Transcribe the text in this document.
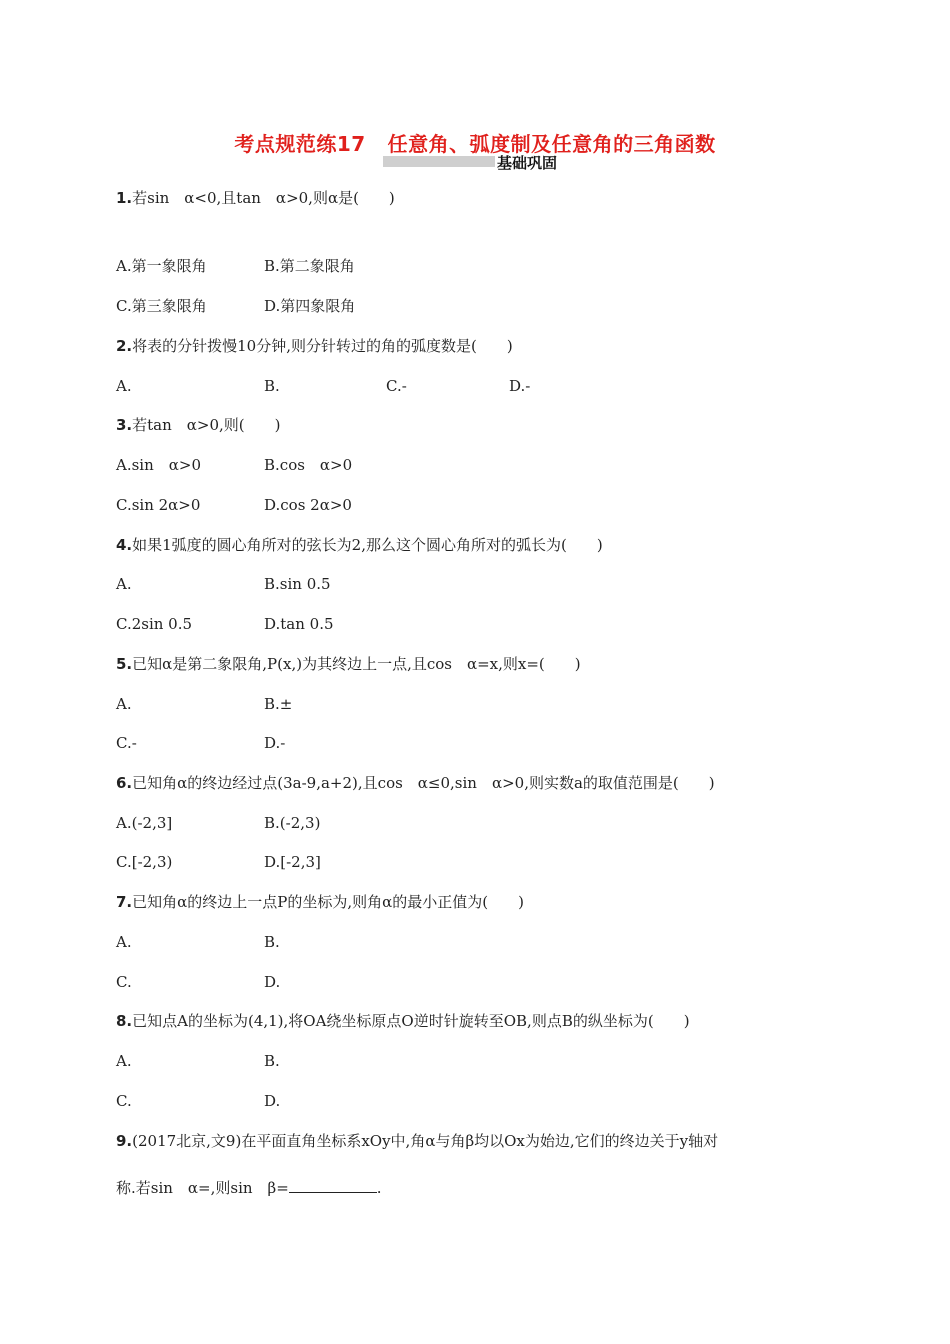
考点规范练17 任意角、弧度制及任意角的三角函数
基础巩固
1.若sin　α<0,且tan　α>0,则α是(　　)
A.第一象限角	B.第二象限角
C.第三象限角	D.第四象限角
2.将表的分针拨慢10分钟,则分针转过的角的弧度数是(　　)
A.	B.	C.-	D.-
3.若tan　α>0,则(　　)
A.sin　α>0	B.cos　α>0
C.sin 2α>0	D.cos 2α>0
4.如果1弧度的圆心角所对的弦长为2,那么这个圆心角所对的弧长为(　　)
A.	B.sin 0.5
C.2sin 0.5	D.tan 0.5
5.已知α是第二象限角,P(x,)为其终边上一点,且cos　α=x,则x=(　　)
A.	B.±
C.-	D.-
6.已知角α的终边经过点(3a-9,a+2),且cos　α≤0,sin　α>0,则实数a的取值范围是(　　)
A.(-2,3]	B.(-2,3)
C.[-2,3)	D.[-2,3]
7.已知角α的终边上一点P的坐标为,则角α的最小正值为(　　)
A.	B.
C.	D.
8.已知点A的坐标为(4,1),将OA绕坐标原点O逆时针旋转至OB,则点B的纵坐标为(　　)
A.	B.
C.	D.
9.(2017北京,文9)在平面直角坐标系xOy中,角α与角β均以Ox为始边,它们的终边关于y轴对
称.若sin　α=,则sin　β=	.
